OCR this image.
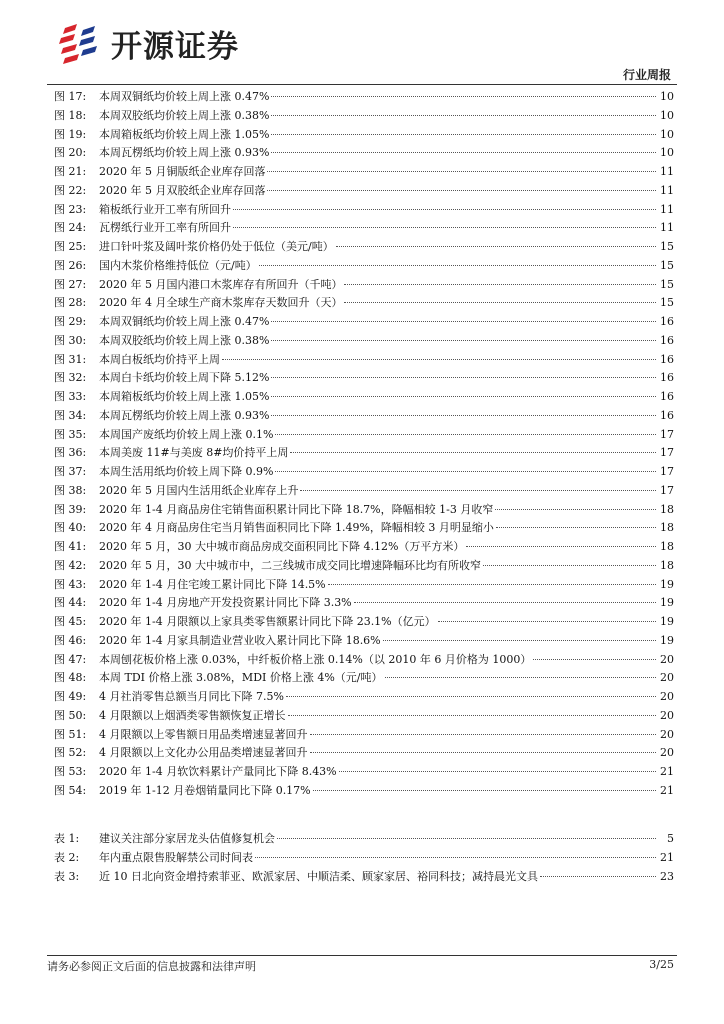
开源证券
行业周报
图 17:	本周双铜纸均价较上周上涨 0.47%	10
图 18:	本周双胶纸均价较上周上涨 0.38%	10
图 19:	本周箱板纸均价较上周上涨 1.05%	10
图 20:	本周瓦楞纸均价较上周上涨 0.93%	10
图 21:	2020 年 5 月铜版纸企业库存回落	11
图 22:	2020 年 5 月双胶纸企业库存回落	11
图 23:	箱板纸行业开工率有所回升	11
图 24:	瓦楞纸行业开工率有所回升	11
图 25:	进口针叶浆及阔叶浆价格仍处于低位（美元/吨）	15
图 26:	国内木浆价格维持低位（元/吨）	15
图 27:	2020 年 5 月国内港口木浆库存有所回升（千吨）	15
图 28:	2020 年 4 月全球生产商木浆库存天数回升（天）	15
图 29:	本周双铜纸均价较上周上涨 0.47%	16
图 30:	本周双胶纸均价较上周上涨 0.38%	16
图 31:	本周白板纸均价持平上周	16
图 32:	本周白卡纸均价较上周下降 5.12%	16
图 33:	本周箱板纸均价较上周上涨 1.05%	16
图 34:	本周瓦楞纸均价较上周上涨 0.93%	16
图 35:	本周国产废纸均价较上周上涨 0.1%	17
图 36:	本周美废 11#与美废 8#均价持平上周	17
图 37:	本周生活用纸均价较上周下降 0.9%	17
图 38:	2020 年 5 月国内生活用纸企业库存上升	17
图 39:	2020 年 1-4 月商品房住宅销售面积累计同比下降 18.7%，降幅相较 1-3 月收窄	18
图 40:	2020 年 4 月商品房住宅当月销售面积同比下降 1.49%，降幅相较 3 月明显缩小	18
图 41:	2020 年 5 月，30 大中城市商品房成交面积同比下降 4.12%（万平方米）	18
图 42:	2020 年 5 月，30 大中城市中，二三线城市成交同比增速降幅环比均有所收窄	18
图 43:	2020 年 1-4 月住宅竣工累计同比下降 14.5%	19
图 44:	2020 年 1-4 月房地产开发投资累计同比下降 3.3%	19
图 45:	2020 年 1-4 月限额以上家具类零售额累计同比下降 23.1%（亿元）	19
图 46:	2020 年 1-4 月家具制造业营业收入累计同比下降 18.6%	19
图 47:	本周刨花板价格上涨 0.03%，中纤板价格上涨 0.14%（以 2010 年 6 月价格为 1000）	20
图 48:	本周 TDI 价格上涨 3.08%，MDI 价格上涨 4%（元/吨）	20
图 49:	4 月社消零售总额当月同比下降 7.5%	20
图 50:	4 月限额以上烟酒类零售额恢复正增长	20
图 51:	4 月限额以上零售额日用品类增速显著回升	20
图 52:	4 月限额以上文化办公用品类增速显著回升	20
图 53:	2020 年 1-4 月软饮料累计产量同比下降 8.43%	21
图 54:	2019 年 1-12 月卷烟销量同比下降 0.17%	21
表 1:	建议关注部分家居龙头估值修复机会	5
表 2:	年内重点限售股解禁公司时间表	21
表 3:	近 10 日北向资金增持索菲亚、欧派家居、中顺洁柔、顾家家居、裕同科技；减持晨光文具	23
请务必参阅正文后面的信息披露和法律声明	3/25
